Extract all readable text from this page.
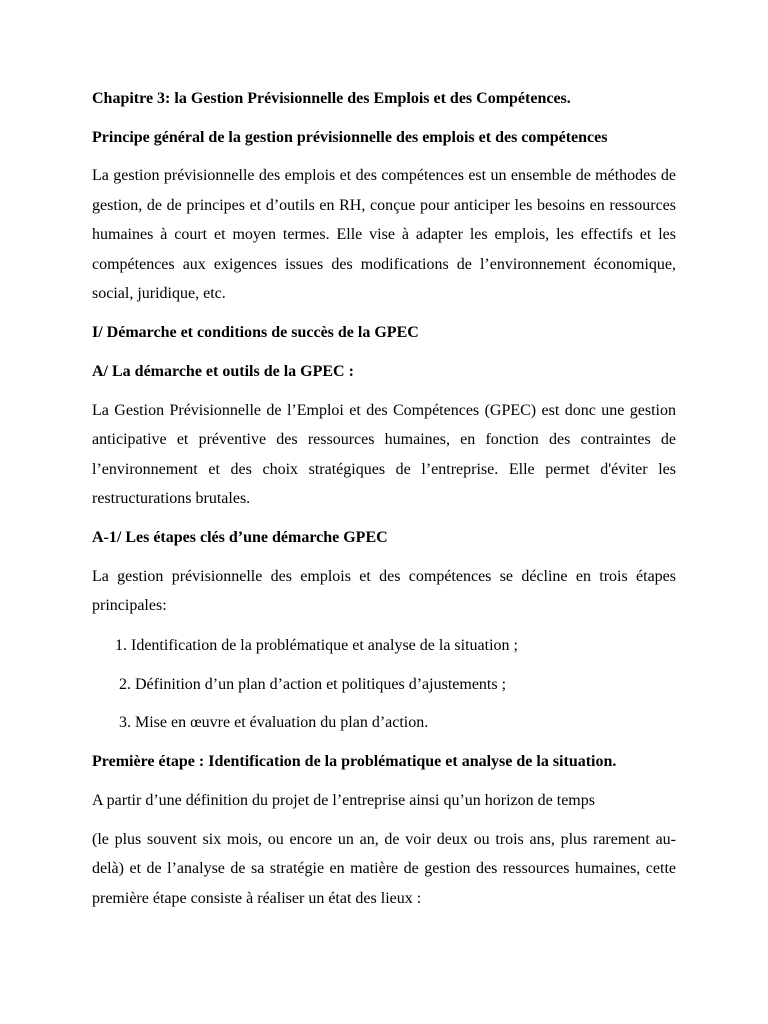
Chapitre 3: la Gestion Prévisionnelle des Emplois et des Compétences.

Principe général de la gestion prévisionnelle des emplois et des compétences

La gestion prévisionnelle des emplois et des compétences est un ensemble de méthodes de gestion, de de principes et d’outils en RH, conçue pour anticiper les besoins en ressources humaines à court et moyen termes. Elle vise à adapter les emplois, les effectifs et les compétences aux exigences issues des modifications de l’environnement économique, social, juridique, etc.

I/ Démarche et conditions de succès de la GPEC

A/ La démarche et outils de la GPEC :

La Gestion Prévisionnelle de l’Emploi et des Compétences (GPEC) est donc une gestion anticipative et préventive des ressources humaines, en fonction des contraintes de l’environnement et des choix stratégiques de l’entreprise. Elle permet d'éviter les restructurations brutales.

A-1/ Les étapes clés d’une démarche GPEC

La gestion prévisionnelle des emplois et des compétences se décline en trois étapes principales:

1. Identification de la problématique et analyse de la situation ;

2. Définition d’un plan d’action et politiques d’ajustements ;

3. Mise en œuvre et évaluation du plan d’action.

Première étape : Identification de la problématique et analyse de la situation.

A partir d’une définition du projet de l’entreprise ainsi qu’un horizon de temps

(le plus souvent six mois, ou encore un an, de voir deux ou trois ans, plus rarement au-delà) et de l’analyse de sa stratégie en matière de gestion des ressources humaines, cette première étape consiste à réaliser un état des lieux :
